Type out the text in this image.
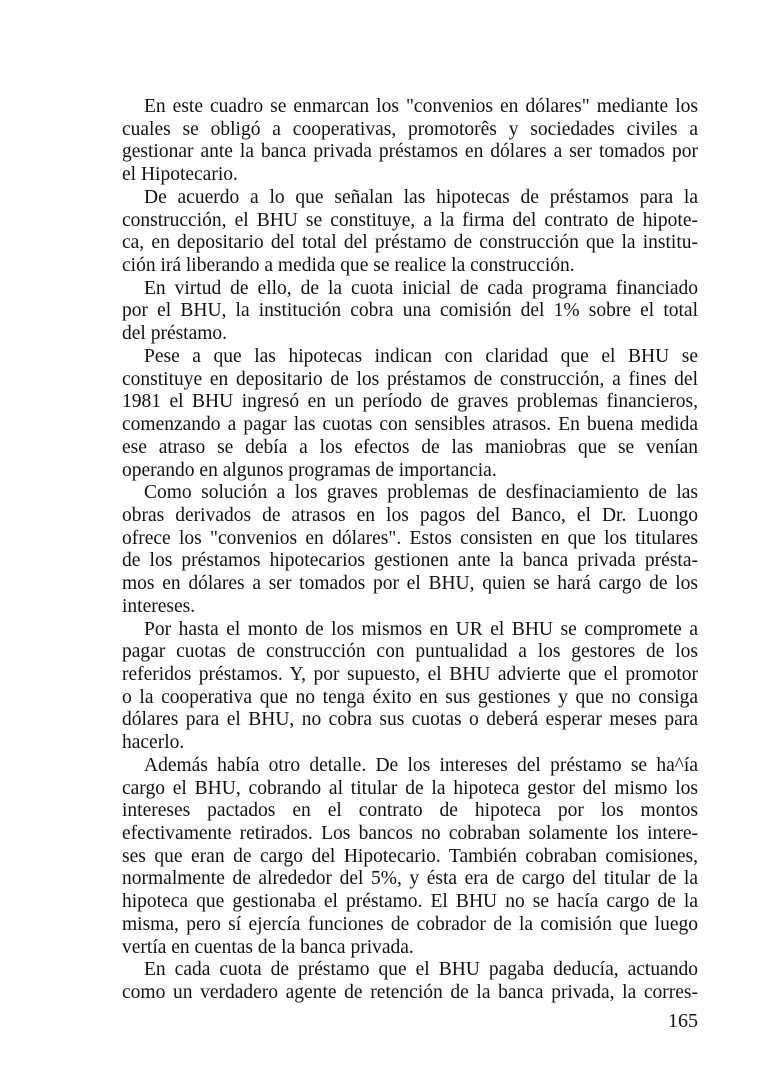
En este cuadro se enmarcan los "convenios en dólares" mediante los
cuales se obligó a cooperativas, promotorês y sociedades civiles a
gestionar ante la banca privada préstamos en dólares a ser tomados por
el Hipotecario.
De acuerdo a lo que señalan las hipotecas de préstamos para la
construcción, el BHU se constituye, a la firma del contrato de hipote-
ca, en depositario del total del préstamo de construcción que la institu-
ción irá liberando a medida que se realice la construcción.
En virtud de ello, de la cuota inicial de cada programa financiado
por el BHU, la institución cobra una comisión del 1% sobre el total
del préstamo.
Pese a que las hipotecas indican con claridad que el BHU se
constituye en depositario de los préstamos de construcción, a fines del
1981 el BHU ingresó en un período de graves problemas financieros,
comenzando a pagar las cuotas con sensibles atrasos. En buena medida
ese atraso se debía a los efectos de las maniobras que se venían
operando en algunos programas de importancia.
Como solución a los graves problemas de desfinaciamiento de las
obras derivados de atrasos en los pagos del Banco, el Dr. Luongo
ofrece los "convenios en dólares". Estos consisten en que los titulares
de los préstamos hipotecarios gestionen ante la banca privada présta-
mos en dólares a ser tomados por el BHU, quien se hará cargo de los
intereses.
Por hasta el monto de los mismos en UR el BHU se compromete a
pagar cuotas de construcción con puntualidad a los gestores de los
referidos préstamos. Y, por supuesto, el BHU advierte que el promotor
o la cooperativa que no tenga éxito en sus gestiones y que no consiga
dólares para el BHU, no cobra sus cuotas o deberá esperar meses para
hacerlo.
Además había otro detalle. De los intereses del préstamo se ha^ía
cargo el BHU, cobrando al titular de la hipoteca gestor del mismo los
intereses pactados en el contrato de hipoteca por los montos
efectivamente retirados. Los bancos no cobraban solamente los intere-
ses que eran de cargo del Hipotecario. También cobraban comisiones,
normalmente de alrededor del 5%, y ésta era de cargo del titular de la
hipoteca que gestionaba el préstamo. El BHU no se hacía cargo de la
misma, pero sí ejercía funciones de cobrador de la comisión que luego
vertía en cuentas de la banca privada.
En cada cuota de préstamo que el BHU pagaba deducía, actuando
como un verdadero agente de retención de la banca privada, la corres-
165
